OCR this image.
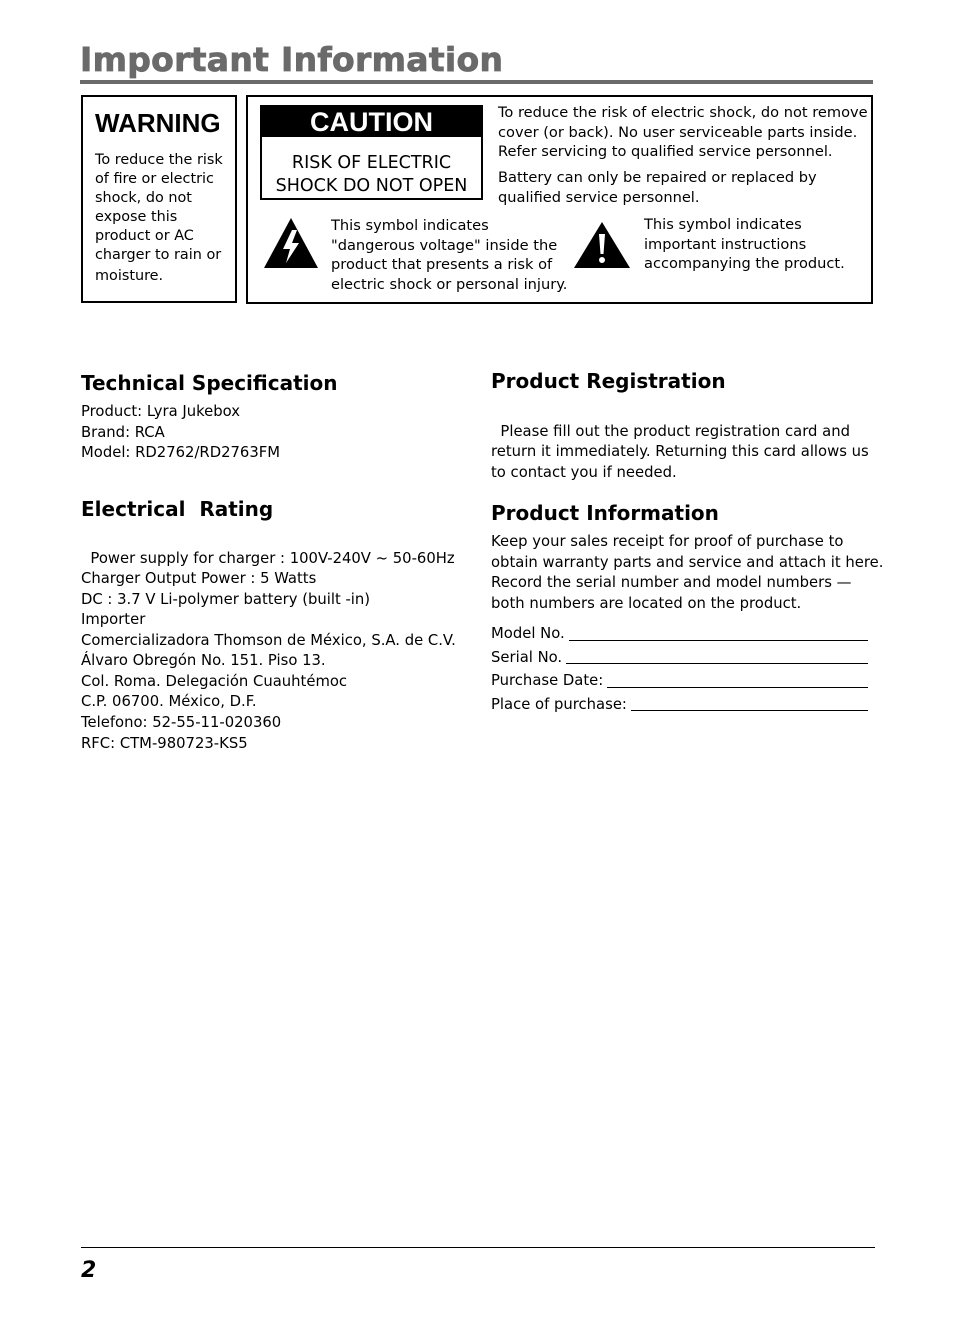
Important Information
WARNING
To reduce the risk
of fire or electric
shock, do not
expose this
product or AC
charger to rain or
moisture.
CAUTION
RISK OF ELECTRIC
SHOCK DO NOT OPEN
To reduce the risk of electric shock, do not remove
cover (or back). No user serviceable parts inside.
Refer servicing to qualified service personnel.
Battery can only be repaired or replaced by
qualified service personnel.
This symbol indicates
"dangerous voltage" inside the
product that presents a risk of
electric shock or personal injury.
This symbol indicates
important instructions
accompanying the product.
Technical Specification
Product: Lyra Jukebox
Brand: RCA
Model: RD2762/RD2763FM
Electrical  Rating

Power supply for charger : 100V-240V ~ 50-60Hz
Charger Output Power : 5 Watts
DC : 3.7 V Li-polymer battery (built -in)

Importer
Comercializadora Thomson de México, S.A. de C.V.
Álvaro Obregón No. 151. Piso 13.
Col. Roma. Delegación Cuauhtémoc
C.P. 06700. México, D.F.
Telefono: 52-55-11-020360
RFC: CTM-980723-KS5
Product Registration

Please fill out the product registration card and
return it immediately. Returning this card allows us
to contact you if needed.

Product Information
Keep your sales receipt for proof of purchase to
obtain warranty parts and service and attach it here.
Record the serial number and model numbers —
both numbers are located on the product.
Model No.
Serial No.
Purchase Date:
Place of purchase:
2
